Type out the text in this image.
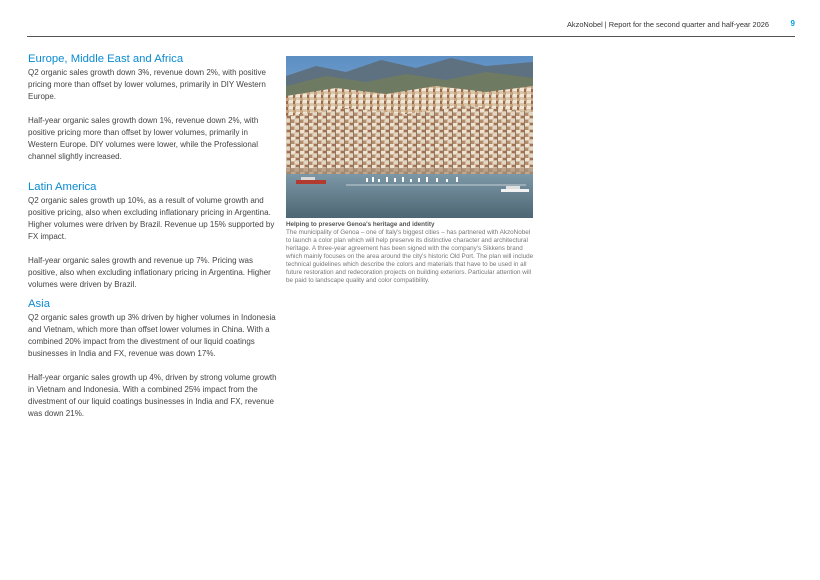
AkzoNobel | Report for the second quarter and half-year 2026	9
Europe, Middle East and Africa

Q2 organic sales growth down 3%, revenue down 2%, with positive pricing more than offset by lower volumes, primarily in DIY Western Europe.

Half-year organic sales growth down 1%, revenue down 2%, with positive pricing more than offset by lower volumes, primarily in Western Europe. DIY volumes were lower, while the Professional channel slightly increased.

Latin America

Q2 organic sales growth up 10%, as a result of volume growth and positive pricing, also when excluding inflationary pricing in Argentina. Higher volumes were driven by Brazil. Revenue up 15% supported by FX impact.

Half-year organic sales growth and revenue up 7%. Pricing was positive, also when excluding inflationary pricing in Argentina. Higher volumes were driven by Brazil.

Asia

Q2 organic sales growth up 3% driven by higher volumes in Indonesia and Vietnam, which more than offset lower volumes in China. With a combined 20% impact from the divestment of our liquid coatings businesses in India and FX, revenue was down 17%.

Half-year organic sales growth up 4%, driven by strong volume growth in Vietnam and Indonesia. With a combined 25% impact from the divestment of our liquid coatings businesses in India and FX, revenue was down 21%.

Helping to preserve Genoa's heritage and identity

The municipality of Genoa – one of Italy's biggest cities – has partnered with AkzoNobel to launch a color plan which will help preserve its distinctive character and architectural heritage. A three-year agreement has been signed with the company's Sikkens brand which mainly focuses on the area around the city's historic Old Port. The plan will include technical guidelines which describe the colors and materials that have to be used in all future restoration and redecoration projects on building exteriors. Particular attention will be paid to landscape quality and color compatibility.
